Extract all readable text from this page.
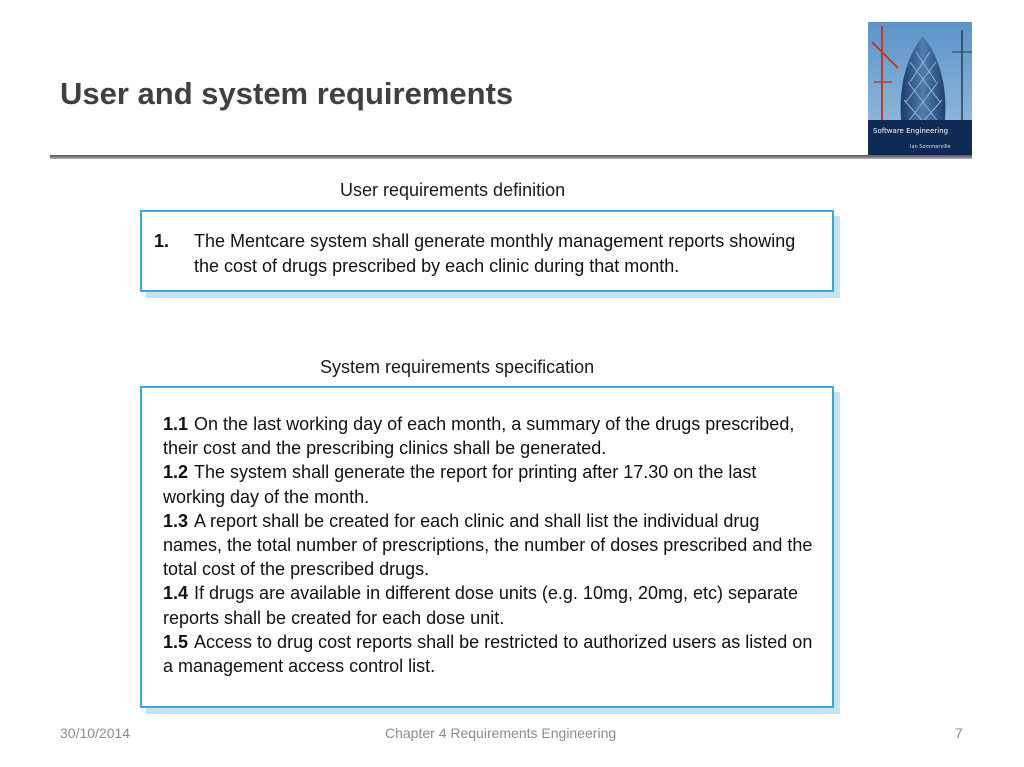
User and system requirements
Software Engineering
Ian Sommerville
User requirements definition
1. The Mentcare system shall generate monthly management reports showing the cost of drugs prescribed by each clinic during that month.
System requirements specification
1.1 On the last working day of each month, a summary of the drugs prescribed, their cost and the prescribing clinics shall be generated.
1.2 The system shall generate the report for printing after 17.30 on the last working day of the month.
1.3 A report shall be created for each clinic and shall list the individual drug names, the total number of prescriptions, the number of doses prescribed and the total cost of the prescribed drugs.
1.4 If drugs are available in different dose units (e.g. 10mg, 20mg, etc) separate reports shall be created for each dose unit.
1.5 Access to drug cost reports shall be restricted to authorized users as listed on a management access control list.
30/10/2014	Chapter 4 Requirements Engineering	7
